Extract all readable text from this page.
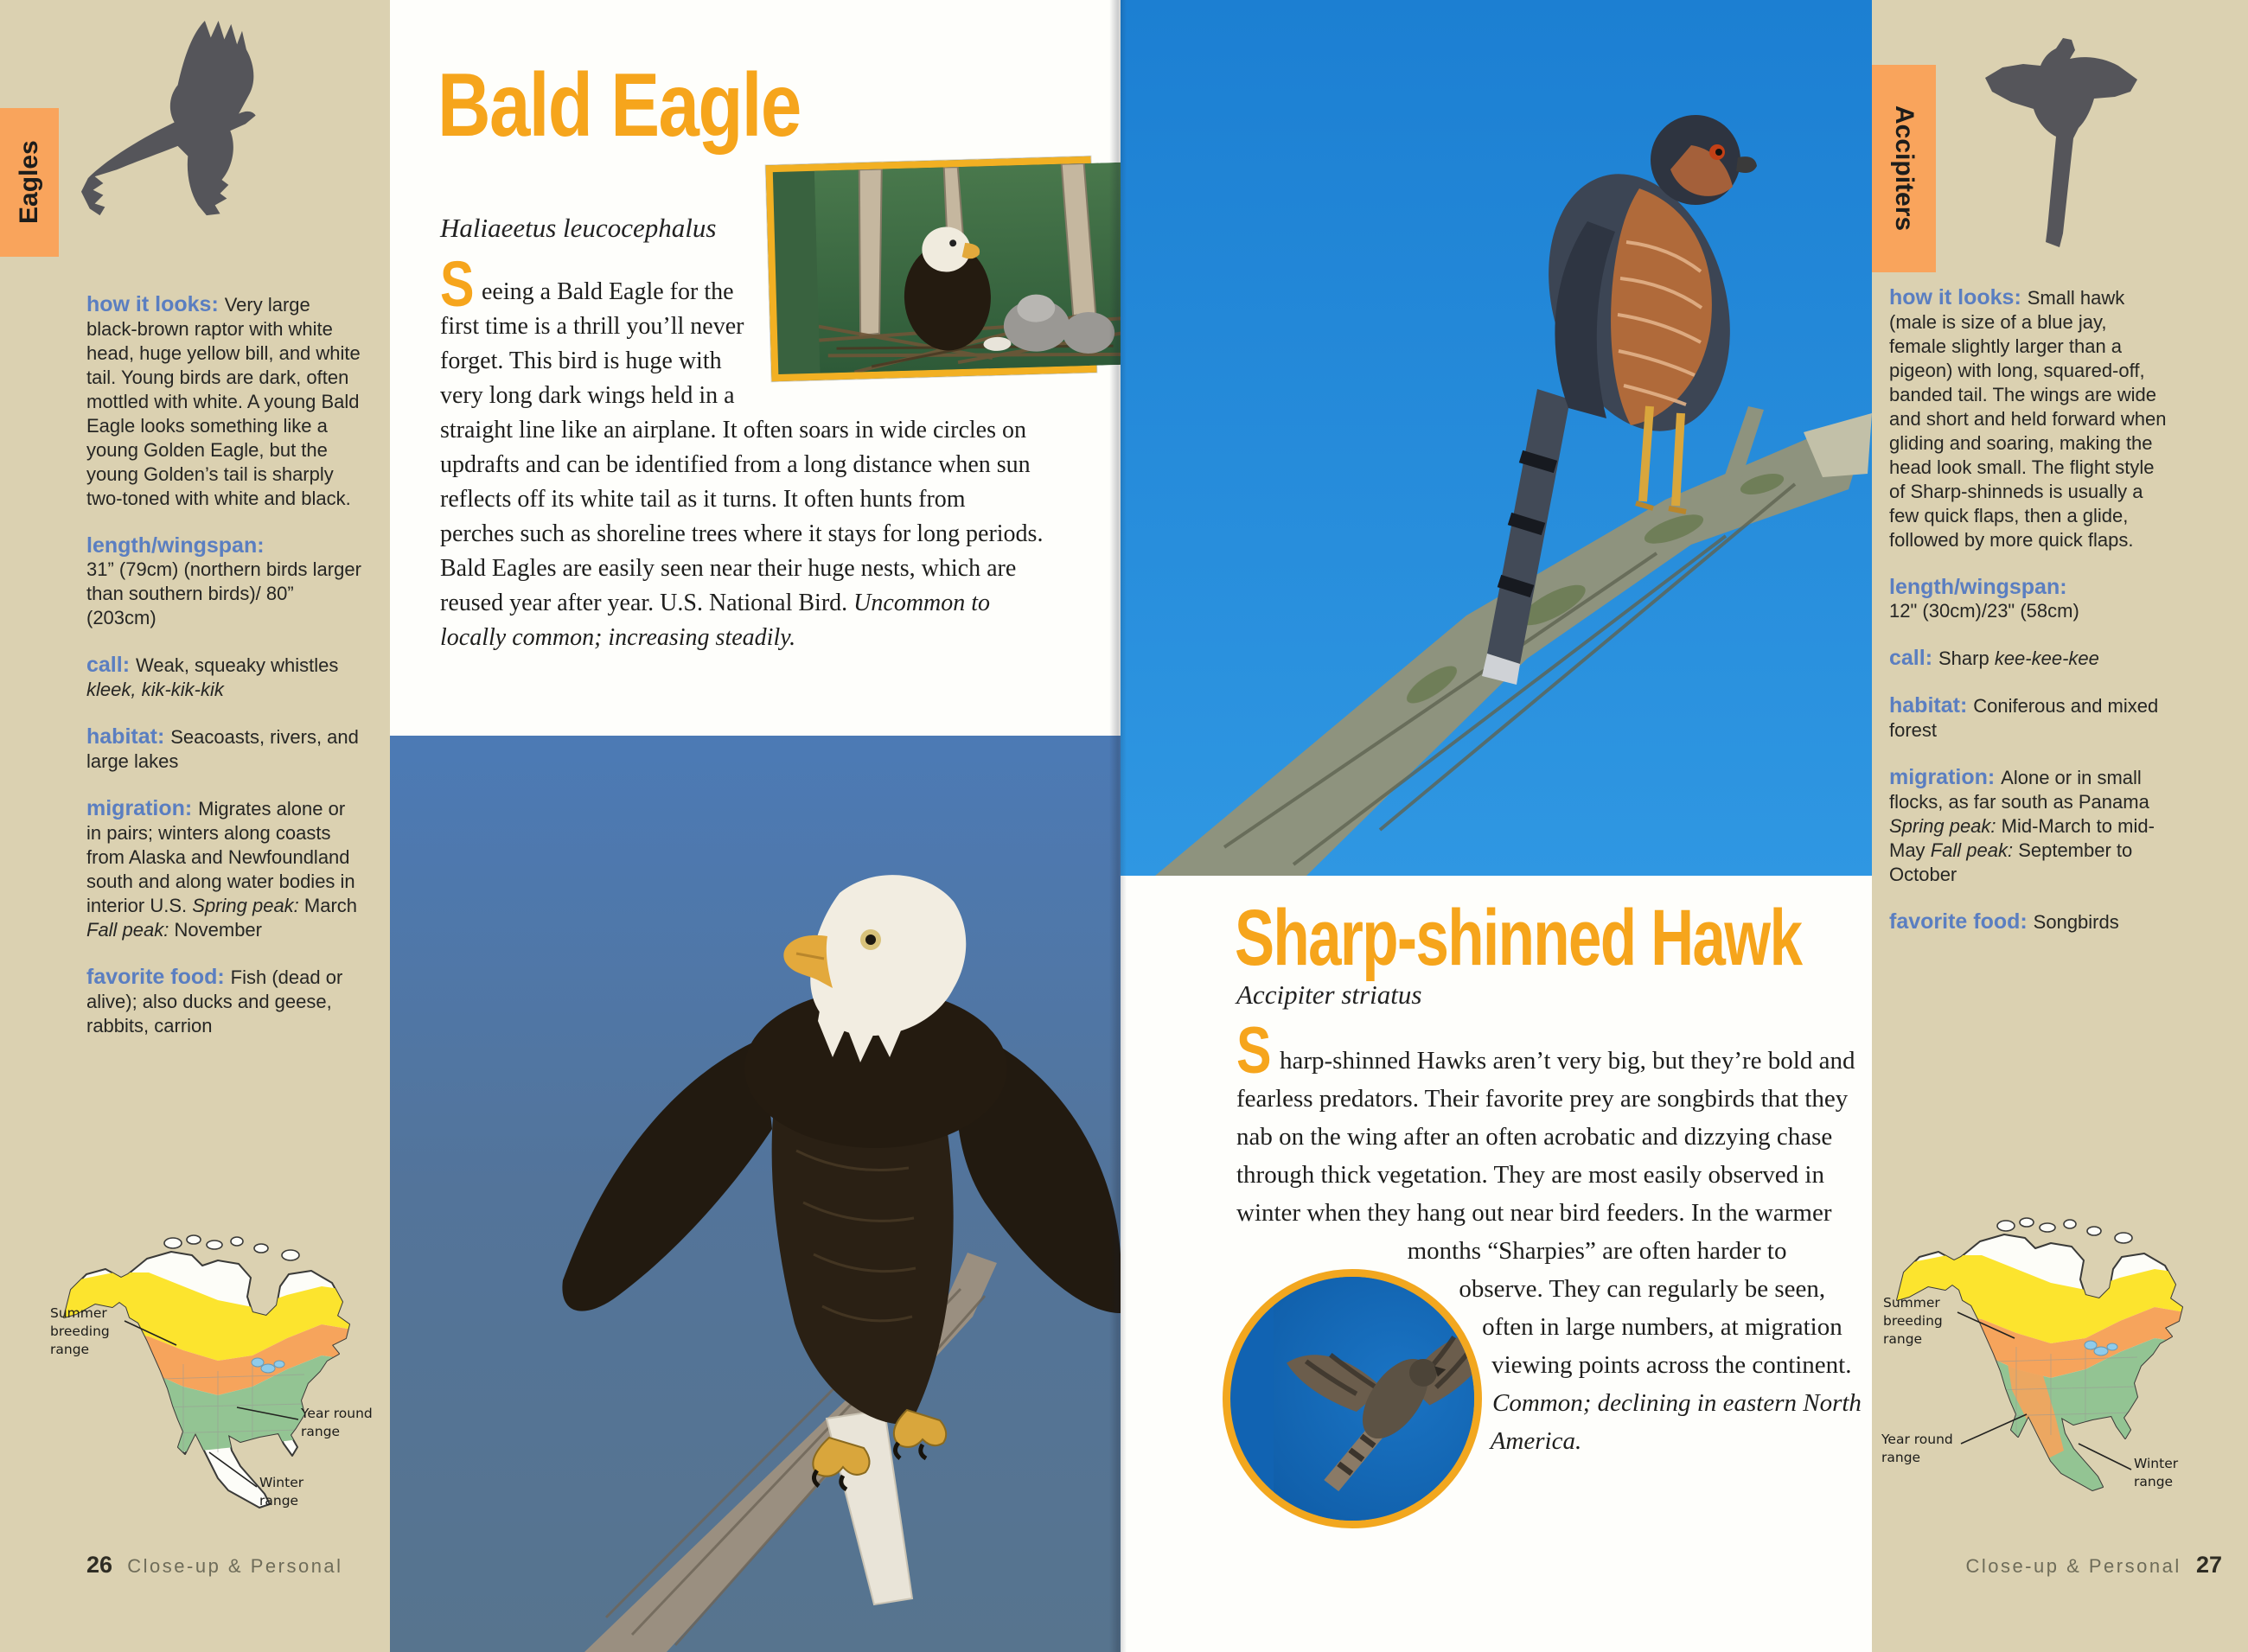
Eagles

how it looks: Very large black-brown raptor with white head, huge yellow bill, and white tail. Young birds are dark, often mottled with white. A young Bald Eagle looks something like a young Golden Eagle, but the young Golden’s tail is sharply two-toned with white and black.

length/wingspan:
31” (79cm) (northern birds larger than southern birds)/ 80” (203cm)

call: Weak, squeaky whistles kleek, kik-kik-kik

habitat: Seacoasts, rivers, and large lakes

migration: Migrates alone or in pairs; winters along coasts from Alaska and Newfoundland south and along water bodies in interior U.S. Spring peak: March Fall peak: November

favorite food: Fish (dead or alive); also ducks and geese, rabbits, carrion

Summer
breeding
range
Year round
range
Winter
range
26 Close-up & Personal
Bald Eagle
Haliaeetus leucocephalus

S eeing a Bald Eagle for the first time is a thrill you’ll never forget. This bird is huge with very long dark wings held in a straight line like an airplane. It often soars in wide circles on updrafts and can be identified from a long distance when sun reflects off its white tail as it turns. It often hunts from perches such as shoreline trees where it stays for long periods. Bald Eagles are easily seen near their huge nests, which are reused year after year. U.S. National Bird. Uncommon to locally common; increasing steadily.

Sharp-shinned Hawk
Accipiter striatus

S harp-shinned Hawks aren’t very big, but they’re bold and fearless predators. Their favorite prey are songbirds that they nab on the wing after an often acrobatic and dizzying chase through thick vegetation. They are most easily observed in winter when they hang out near bird feeders. In the warmer months “Sharpies” are often harder to observe. They can regularly be seen, often in large numbers, at migration viewing points across the continent. Common; declining in eastern North America.

Accipiters

how it looks: Small hawk (male is size of a blue jay, female slightly larger than a pigeon) with long, squared-off, banded tail. The wings are wide and short and held forward when gliding and soaring, making the head look small. The flight style of Sharp-shinneds is usually a few quick flaps, then a glide, followed by more quick flaps.

length/wingspan:
12" (30cm)/23" (58cm)

call: Sharp kee-kee-kee

habitat: Coniferous and mixed forest

migration: Alone or in small flocks, as far south as Panama Spring peak: Mid-March to mid-May Fall peak: September to October

favorite food: Songbirds

Summer
breeding
range
Year round
range	Winter
range
Close-up & Personal 27
